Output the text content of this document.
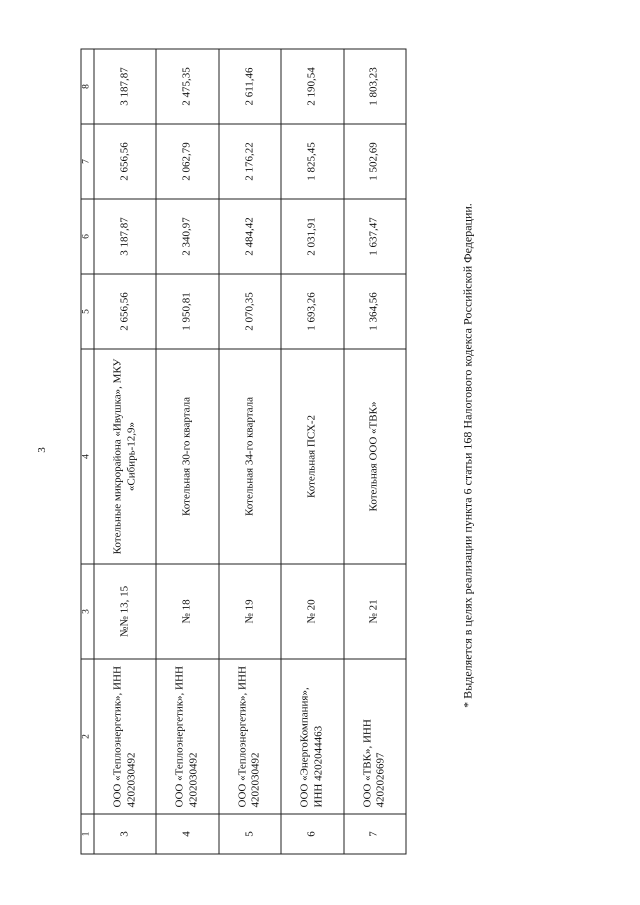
3
1	2	3	4	5	6	7	8
3	ООО «Теплоэнергетик», ИНН 4202030492	№№ 13, 15	Котельные микрорайона «Ивушка», МКУ «Сибирь-12,9»	2 656,56	3 187,87	2 656,56	3 187,87
4	ООО «Теплоэнергетик», ИНН 4202030492	№ 18	Котельная 30-го квартала	1 950,81	2 340,97	2 062,79	2 475,35
5	ООО «Теплоэнергетик», ИНН 4202030492	№ 19	Котельная 34-го квартала	2 070,35	2 484,42	2 176,22	2 611,46
6	ООО «ЭнергоКомпания», ИНН 4202044463	№ 20	Котельная ПСХ-2	1 693,26	2 031,91	1 825,45	2 190,54
7	ООО «ТВК», ИНН 4202026697	№ 21	Котельная ООО «ТВК»	1 364,56	1 637,47	1 502,69	1 803,23
* Выделяется в целях реализации пункта 6 статьи 168 Налогового кодекса Российской Федерации.
